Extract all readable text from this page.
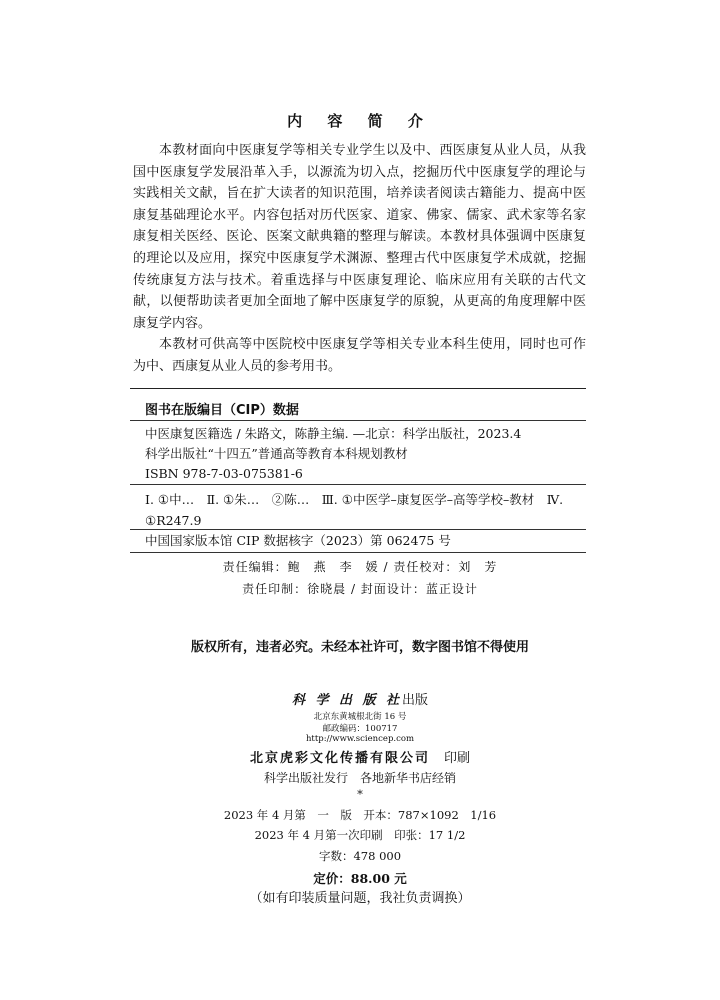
内 容 简 介

本教材面向中医康复学等相关专业学生以及中、西医康复从业人员，从我国中医康复学发展沿革入手，以源流为切入点，挖掘历代中医康复学的理论与实践相关文献，旨在扩大读者的知识范围，培养读者阅读古籍能力、提高中医康复基础理论水平。内容包括对历代医家、道家、佛家、儒家、武术家等名家康复相关医经、医论、医案文献典籍的整理与解读。本教材具体强调中医康复的理论以及应用，探究中医康复学术渊源、整理古代中医康复学术成就，挖掘传统康复方法与技术。着重选择与中医康复理论、临床应用有关联的古代文献，以便帮助读者更加全面地了解中医康复学的原貌，从更高的角度理解中医康复学内容。

本教材可供高等中医院校中医康复学等相关专业本科生使用，同时也可作为中、西康复从业人员的参考用书。

图书在版编目（CIP）数据
中医康复医籍选 / 朱路文，陈静主编. —北京：科学出版社，2023.4
科学出版社“十四五”普通高等教育本科规划教材
ISBN 978-7-03-075381-6
Ⅰ. ①中…　Ⅱ. ①朱…　②陈…　Ⅲ. ①中医学–康复医学–高等学校–教材　Ⅳ. ①R247.9
中国国家版本馆 CIP 数据核字（2023）第 062475 号
责任编辑：鲍　燕　李　媛 / 责任校对：刘　芳
责任印制：徐晓晨 / 封面设计：蓝正设计
版权所有，违者必究。未经本社许可，数字图书馆不得使用
科 学 出 版 社出版
北京东黄城根北街 16 号
邮政编码：100717
http://www.sciencep.com
北京虎彩文化传播有限公司 印刷
科学出版社发行　各地新华书店经销
*
2023 年 4 月第　一　版　开本：787×1092　1/16
2023 年 4 月第一次印刷　印张：17 1/2
字数：478 000
定价：88.00 元
（如有印装质量问题，我社负责调换）
